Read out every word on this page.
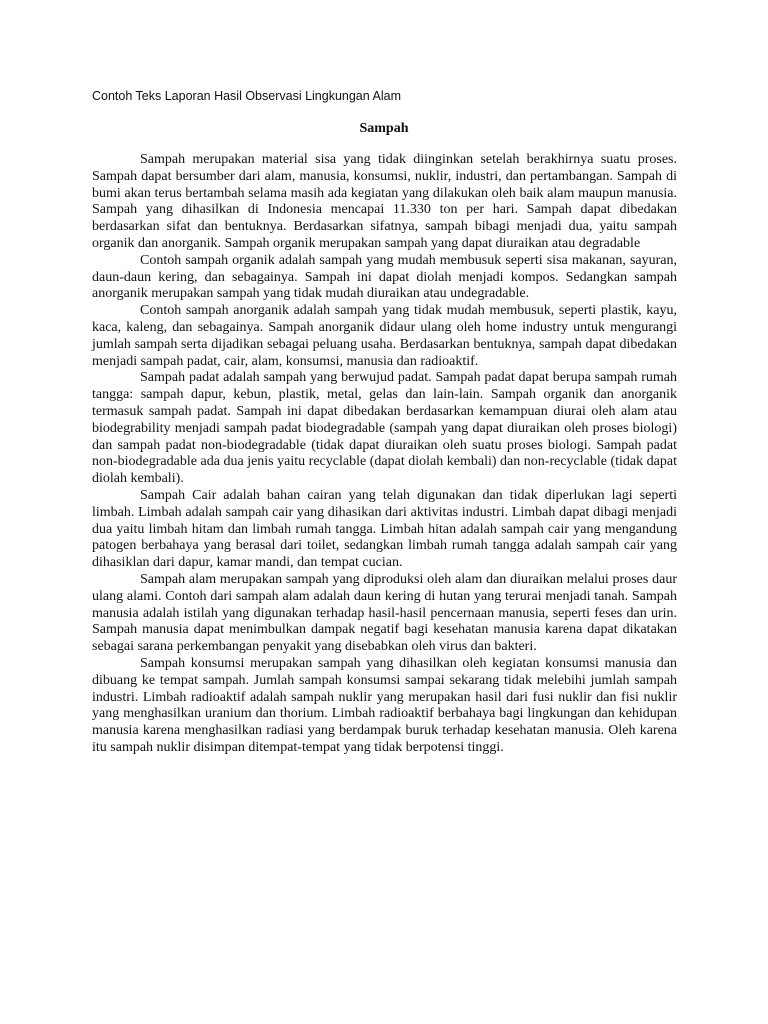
Contoh Teks Laporan Hasil Observasi Lingkungan Alam
Sampah

Sampah merupakan material sisa yang tidak diinginkan setelah berakhirnya suatu proses. Sampah dapat bersumber dari alam, manusia, konsumsi, nuklir, industri, dan pertambangan. Sampah di bumi akan terus bertambah selama masih ada kegiatan yang dilakukan oleh baik alam maupun manusia. Sampah yang dihasilkan di Indonesia mencapai 11.330 ton per hari. Sampah dapat dibedakan berdasarkan sifat dan bentuknya. Berdasarkan sifatnya, sampah bibagi menjadi dua, yaitu sampah organik dan anorganik. Sampah organik merupakan sampah yang dapat diuraikan atau degradable

Contoh sampah organik adalah sampah yang mudah membusuk seperti sisa makanan, sayuran, daun-daun kering, dan sebagainya. Sampah ini dapat diolah menjadi kompos. Sedangkan sampah anorganik merupakan sampah yang tidak mudah diuraikan atau undegradable.

Contoh sampah anorganik adalah sampah yang tidak mudah membusuk, seperti plastik, kayu, kaca, kaleng, dan sebagainya. Sampah anorganik didaur ulang oleh home industry untuk mengurangi jumlah sampah serta dijadikan sebagai peluang usaha. Berdasarkan bentuknya, sampah dapat dibedakan menjadi sampah padat, cair, alam, konsumsi, manusia dan radioaktif.

Sampah padat adalah sampah yang berwujud padat. Sampah padat dapat berupa sampah rumah tangga: sampah dapur, kebun, plastik, metal, gelas dan lain-lain. Sampah organik dan anorganik termasuk sampah padat. Sampah ini dapat dibedakan berdasarkan kemampuan diurai oleh alam atau biodegrability menjadi sampah padat biodegradable (sampah yang dapat diuraikan oleh proses biologi) dan sampah padat non-biodegradable (tidak dapat diuraikan oleh suatu proses biologi. Sampah padat non-biodegradable ada dua jenis yaitu recyclable (dapat diolah kembali) dan non-recyclable (tidak dapat diolah kembali).

Sampah Cair adalah bahan cairan yang telah digunakan dan tidak diperlukan lagi seperti limbah. Limbah adalah sampah cair yang dihasikan dari aktivitas industri. Limbah dapat dibagi menjadi dua yaitu limbah hitam dan limbah rumah tangga. Limbah hitan adalah sampah cair yang mengandung patogen berbahaya yang berasal dari toilet, sedangkan limbah rumah tangga adalah sampah cair yang dihasiklan dari dapur, kamar mandi, dan tempat cucian.

Sampah alam merupakan sampah yang diproduksi oleh alam dan diuraikan melalui proses daur ulang alami. Contoh dari sampah alam adalah daun kering di hutan yang terurai menjadi tanah. Sampah manusia adalah istilah yang digunakan terhadap hasil-hasil pencernaan manusia, seperti feses dan urin. Sampah manusia dapat menimbulkan dampak negatif bagi kesehatan manusia karena dapat dikatakan sebagai sarana perkembangan penyakit yang disebabkan oleh virus dan bakteri.

Sampah konsumsi merupakan sampah yang dihasilkan oleh kegiatan konsumsi manusia dan dibuang ke tempat sampah. Jumlah sampah konsumsi sampai sekarang tidak melebihi jumlah sampah industri. Limbah radioaktif adalah sampah nuklir yang merupakan hasil dari fusi nuklir dan fisi nuklir yang menghasilkan uranium dan thorium. Limbah radioaktif berbahaya bagi lingkungan dan kehidupan manusia karena menghasilkan radiasi yang berdampak buruk terhadap kesehatan manusia. Oleh karena itu sampah nuklir disimpan ditempat-tempat yang tidak berpotensi tinggi.
